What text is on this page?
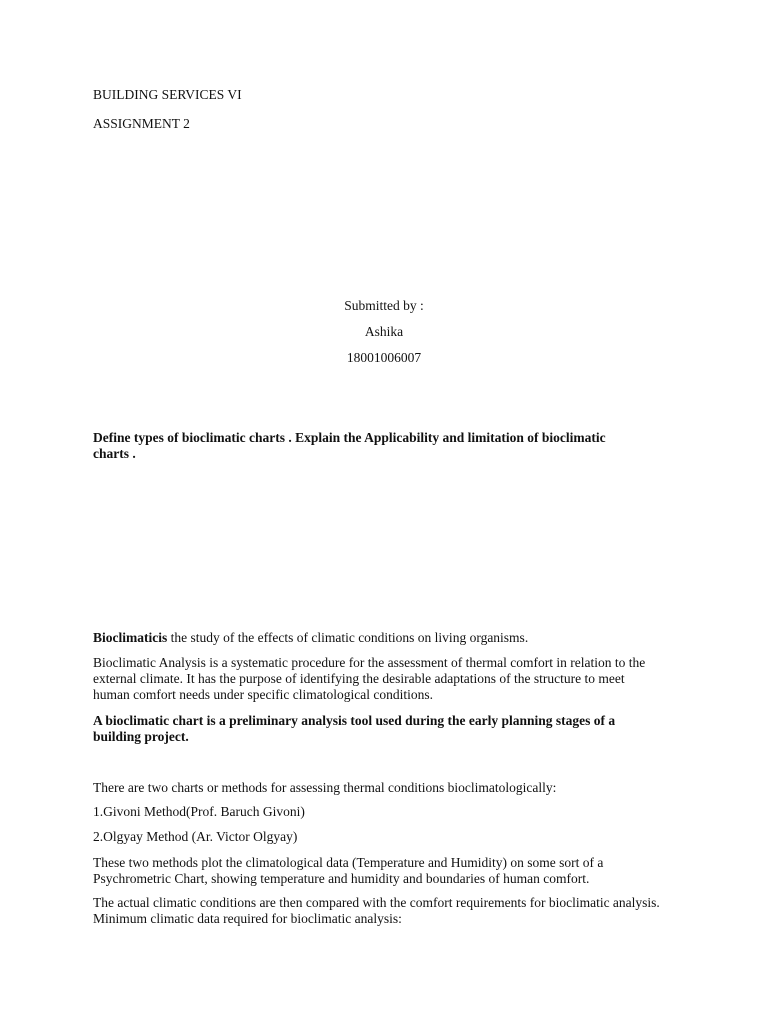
BUILDING SERVICES VI
ASSIGNMENT 2
Submitted by :
Ashika
18001006007
Define types of bioclimatic charts . Explain the Applicability and limitation of bioclimatic
charts .
Bioclimaticis the study of the effects of climatic conditions on living organisms.
Bioclimatic Analysis is a systematic procedure for the assessment of thermal comfort in relation to the
external climate. It has the purpose of identifying the desirable adaptations of the structure to meet
human comfort needs under specific climatological conditions.
A bioclimatic chart is a preliminary analysis tool used during the early planning stages of a
building project.
There are two charts or methods for assessing thermal conditions bioclimatologically:
1.Givoni Method(Prof. Baruch Givoni)
2.Olgyay Method (Ar. Victor Olgyay)
These two methods plot the climatological data (Temperature and Humidity) on some sort of a
Psychrometric Chart, showing temperature and humidity and boundaries of human comfort.
The actual climatic conditions are then compared with the comfort requirements for bioclimatic analysis.
Minimum climatic data required for bioclimatic analysis:
